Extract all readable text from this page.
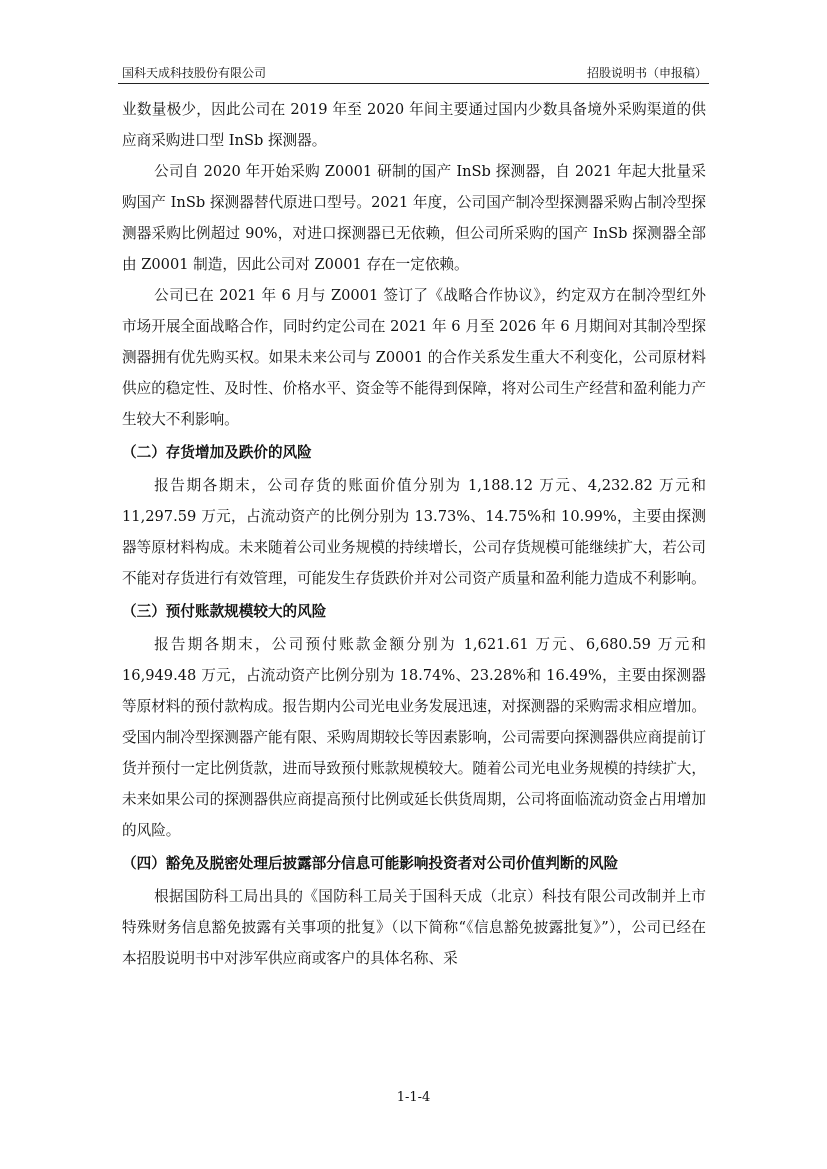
国科天成科技股份有限公司	招股说明书（申报稿）

业数量极少，因此公司在 2019 年至 2020 年间主要通过国内少数具备境外采购渠道的供应商采购进口型 InSb 探测器。

公司自 2020 年开始采购 Z0001 研制的国产 InSb 探测器，自 2021 年起大批量采购国产 InSb 探测器替代原进口型号。2021 年度，公司国产制冷型探测器采购占制冷型探测器采购比例超过 90%，对进口探测器已无依赖，但公司所采购的国产 InSb 探测器全部由 Z0001 制造，因此公司对 Z0001 存在一定依赖。

公司已在 2021 年 6 月与 Z0001 签订了《战略合作协议》，约定双方在制冷型红外市场开展全面战略合作，同时约定公司在 2021 年 6 月至 2026 年 6 月期间对其制冷型探测器拥有优先购买权。如果未来公司与 Z0001 的合作关系发生重大不利变化，公司原材料供应的稳定性、及时性、价格水平、资金等不能得到保障，将对公司生产经营和盈利能力产生较大不利影响。

（二）存货增加及跌价的风险

报告期各期末，公司存货的账面价值分别为 1,188.12 万元、4,232.82 万元和 11,297.59 万元，占流动资产的比例分别为 13.73%、14.75%和 10.99%，主要由探测器等原材料构成。未来随着公司业务规模的持续增长，公司存货规模可能继续扩大，若公司不能对存货进行有效管理，可能发生存货跌价并对公司资产质量和盈利能力造成不利影响。

（三）预付账款规模较大的风险

报告期各期末，公司预付账款金额分别为 1,621.61 万元、6,680.59 万元和 16,949.48 万元，占流动资产比例分别为 18.74%、23.28%和 16.49%，主要由探测器等原材料的预付款构成。报告期内公司光电业务发展迅速，对探测器的采购需求相应增加。受国内制冷型探测器产能有限、采购周期较长等因素影响，公司需要向探测器供应商提前订货并预付一定比例货款，进而导致预付账款规模较大。随着公司光电业务规模的持续扩大，未来如果公司的探测器供应商提高预付比例或延长供货周期，公司将面临流动资金占用增加的风险。

（四）豁免及脱密处理后披露部分信息可能影响投资者对公司价值判断的风险

根据国防科工局出具的《国防科工局关于国科天成（北京）科技有限公司改制并上市特殊财务信息豁免披露有关事项的批复》（以下简称“《信息豁免披露批复》”），公司已经在本招股说明书中对涉军供应商或客户的具体名称、采

1-1-4
